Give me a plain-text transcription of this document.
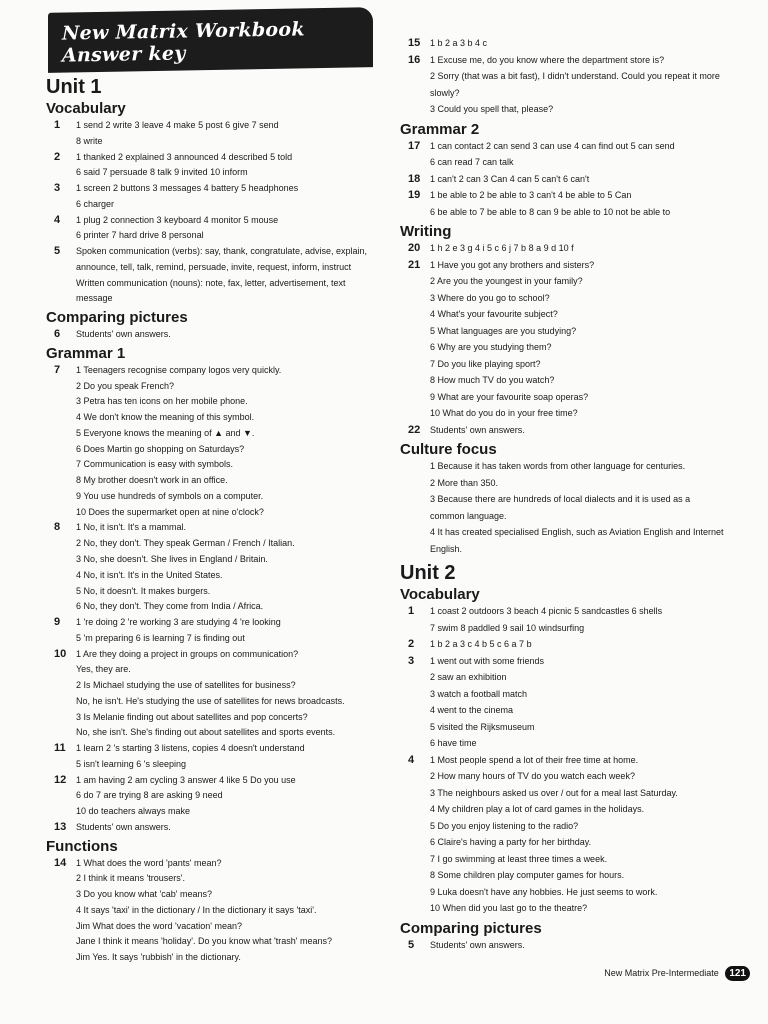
New Matrix Workbook
Answer key
Unit 1
Vocabulary
1 1 send 2 write 3 leave 4 make 5 post 6 give 7 send
8 write
2 1 thanked 2 explained 3 announced 4 described 5 told
6 said 7 persuade 8 talk 9 invited 10 inform
3 1 screen 2 buttons 3 messages 4 battery 5 headphones
6 charger
4 1 plug 2 connection 3 keyboard 4 monitor 5 mouse
6 printer 7 hard drive 8 personal
5 Spoken communication (verbs): say, thank, congratulate, advise, explain,
announce, tell, talk, remind, persuade, invite, request, inform, instruct
Written communication (nouns): note, fax, letter, advertisement, text
message
Comparing pictures
6 Students' own answers.
Grammar 1
7 1 Teenagers recognise company logos very quickly.
2 Do you speak French?
3 Petra has ten icons on her mobile phone.
4 We don't know the meaning of this symbol.
5 Everyone knows the meaning of ▲ and ▼.
6 Does Martin go shopping on Saturdays?
7 Communication is easy with symbols.
8 My brother doesn't work in an office.
9 You use hundreds of symbols on a computer.
10 Does the supermarket open at nine o'clock?
8 1 No, it isn't. It's a mammal.
2 No, they don't. They speak German / French / Italian.
3 No, she doesn't. She lives in England / Britain.
4 No, it isn't. It's in the United States.
5 No, it doesn't. It makes burgers.
6 No, they don't. They come from India / Africa.
9 1 're doing 2 're working 3 are studying 4 're looking
5 'm preparing 6 is learning 7 is finding out
10 1 Are they doing a project in groups on communication?
Yes, they are.
2 Is Michael studying the use of satellites for business?
No, he isn't. He's studying the use of satellites for news broadcasts.
3 Is Melanie finding out about satellites and pop concerts?
No, she isn't. She's finding out about satellites and sports events.
11 1 learn 2 's starting 3 listens, copies 4 doesn't understand
5 isn't learning 6 's sleeping
12 1 am having 2 am cycling 3 answer 4 like 5 Do you use
6 do 7 are trying 8 are asking 9 need
10 do teachers always make
13 Students' own answers.
Functions
14 1 What does the word 'pants' mean?
2 I think it means 'trousers'.
3 Do you know what 'cab' means?
4 It says 'taxi' in the dictionary / In the dictionary it says 'taxi'.
Jim What does the word 'vacation' mean?
Jane I think it means 'holiday'. Do you know what 'trash' means?
Jim Yes. It says 'rubbish' in the dictionary.
15 1 b 2 a 3 b 4 c
16 1 Excuse me, do you know where the department store is?
2 Sorry (that was a bit fast), I didn't understand. Could you repeat it more
slowly?
3 Could you spell that, please?
Grammar 2
17 1 can contact 2 can send 3 can use 4 can find out 5 can send
6 can read 7 can talk
18 1 can't 2 can 3 Can 4 can 5 can't 6 can't
19 1 be able to 2 be able to 3 can't 4 be able to 5 Can
6 be able to 7 be able to 8 can 9 be able to 10 not be able to
Writing
20 1 h 2 e 3 g 4 i 5 c 6 j 7 b 8 a 9 d 10 f
21 1 Have you got any brothers and sisters?
2 Are you the youngest in your family?
3 Where do you go to school?
4 What's your favourite subject?
5 What languages are you studying?
6 Why are you studying them?
7 Do you like playing sport?
8 How much TV do you watch?
9 What are your favourite soap operas?
10 What do you do in your free time?
22 Students' own answers.
Culture focus
1 Because it has taken words from other language for centuries.
2 More than 350.
3 Because there are hundreds of local dialects and it is used as a
common language.
4 It has created specialised English, such as Aviation English and Internet
English.
Unit 2
Vocabulary
1 1 coast 2 outdoors 3 beach 4 picnic 5 sandcastles 6 shells
7 swim 8 paddled 9 sail 10 windsurfing
2 1 b 2 a 3 c 4 b 5 c 6 a 7 b
3 1 went out with some friends
2 saw an exhibition
3 watch a football match
4 went to the cinema
5 visited the Rijksmuseum
6 have time
4 1 Most people spend a lot of their free time at home.
2 How many hours of TV do you watch each week?
3 The neighbours asked us over / out for a meal last Saturday.
4 My children play a lot of card games in the holidays.
5 Do you enjoy listening to the radio?
6 Claire's having a party for her birthday.
7 I go swimming at least three times a week.
8 Some children play computer games for hours.
9 Luka doesn't have any hobbies. He just seems to work.
10 When did you last go to the theatre?
Comparing pictures
5 Students' own answers.
New Matrix Pre-Intermediate 121
